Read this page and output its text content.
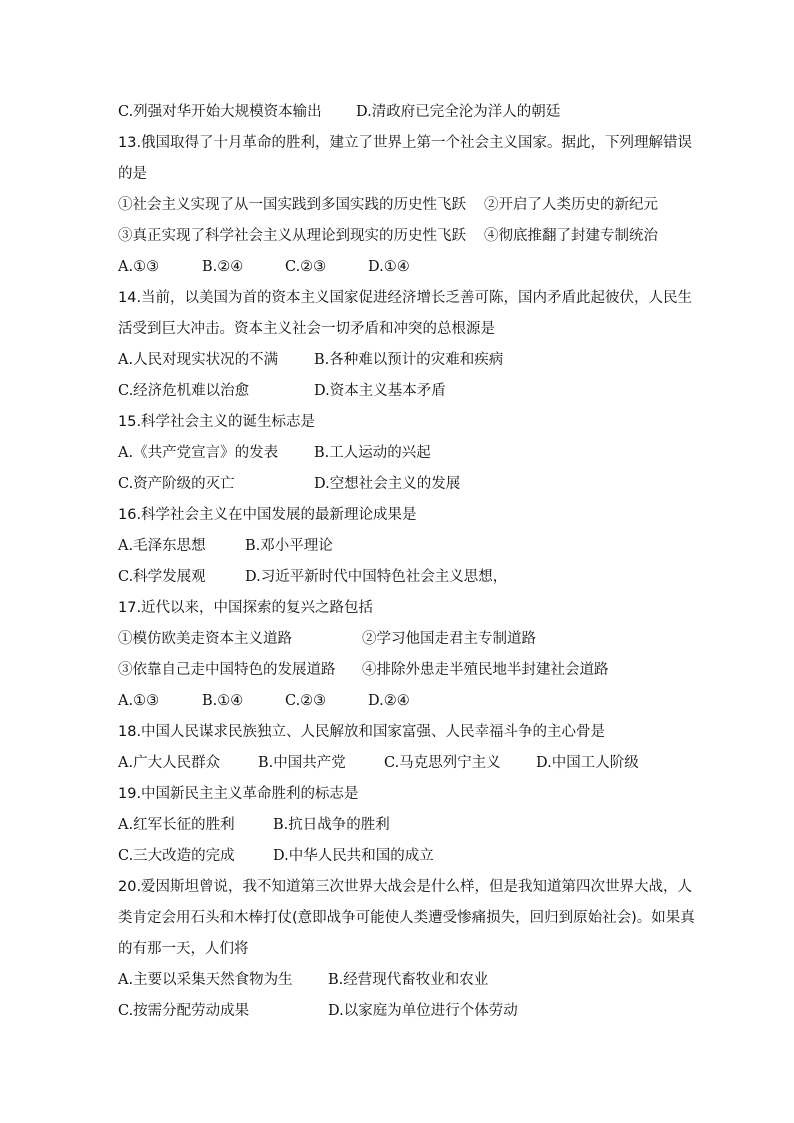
C.列强对华开始大规模资本输出 D.清政府已完全沦为洋人的朝廷
13.俄国取得了十月革命的胜利，建立了世界上第一个社会主义国家。据此，下列理解错误
的是
①社会主义实现了从一国实践到多国实践的历史性飞跃 ②开启了人类历史的新纪元
③真正实现了科学社会主义从理论到现实的历史性飞跃 ④彻底推翻了封建专制统治
A.①③	B.②④	C.②③	D.①④
14.当前，以美国为首的资本主义国家促进经济增长乏善可陈，国内矛盾此起彼伏，人民生
活受到巨大冲击。资本主义社会一切矛盾和冲突的总根源是
A.人民对现实状况的不满 B.各种难以预计的灾难和疾病
C.经济危机难以治愈	D.资本主义基本矛盾
15.科学社会主义的诞生标志是
A.《共产党宣言》的发表 B.工人运动的兴起
C.资产阶级的灭亡	D.空想社会主义的发展
16.科学社会主义在中国发展的最新理论成果是
A.毛泽东思想	B.邓小平理论
C.科学发展观	D.习近平新时代中国特色社会主义思想，
17.近代以来，中国探索的复兴之路包括
①模仿欧美走资本主义道路	②学习他国走君主专制道路
③依靠自己走中国特色的发展道路 ④排除外患走半殖民地半封建社会道路
A.①③	B.①④	C.②③	D.②④
18.中国人民谋求民族独立、人民解放和国家富强、人民幸福斗争的主心骨是
A.广大人民群众	B.中国共产党	C.马克思列宁主义 D.中国工人阶级
19.中国新民主主义革命胜利的标志是
A.红军长征的胜利	B.抗日战争的胜利
C.三大改造的完成	D.中华人民共和国的成立
20.爱因斯坦曾说，我不知道第三次世界大战会是什么样，但是我知道第四次世界大战，人
类肯定会用石头和木棒打仗(意即战争可能使人类遭受惨痛损失，回归到原始社会)。如果真
的有那一天，人们将
A.主要以采集天然食物为生 B.经营现代畜牧业和农业
C.按需分配劳动成果	D.以家庭为单位进行个体劳动
